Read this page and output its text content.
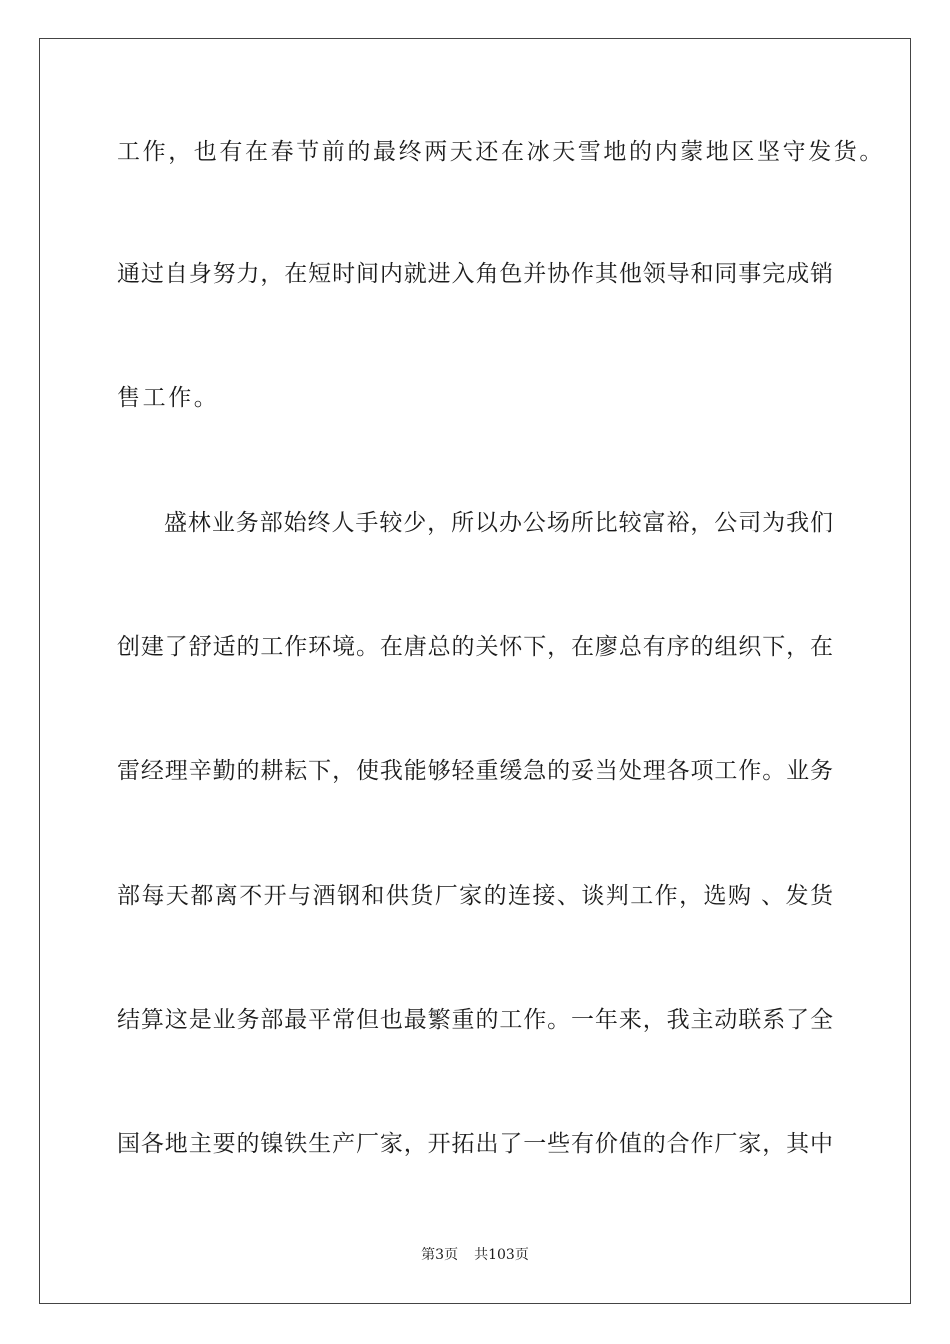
工作，也有在春节前的最终两天还在冰天雪地的内蒙地区坚守发货。
通过自身努力，在短时间内就进入角色并协作其他领导和同事完成销
售工作。
盛林业务部始终人手较少，所以办公场所比较富裕，公司为我们
创建了舒适的工作环境。在唐总的关怀下，在廖总有序的组织下，在
雷经理辛勤的耕耘下，使我能够轻重缓急的妥当处理各项工作。业务
部每天都离不开与酒钢和供货厂家的连接、谈判工作，选购 、发货
结算这是业务部最平常但也最繁重的工作。一年来，我主动联系了全
国各地主要的镍铁生产厂家，开拓出了一些有价值的合作厂家，其中
第3页 共103页
